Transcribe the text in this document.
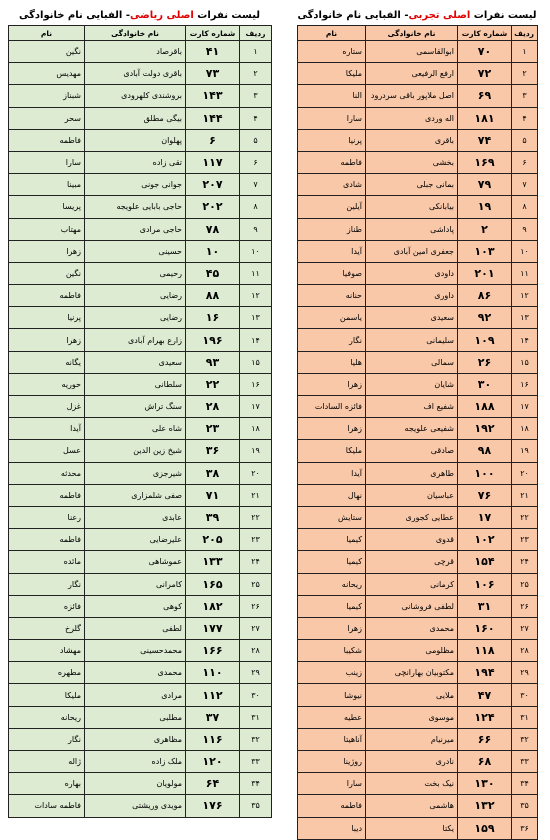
لیست نفرات اصلی ریاضی- الفبایی نام خانوادگی
ردیف	شماره کارت	نام خانوادگی	نام
۱	۴۱	باقرصاد	نگین
۲	۷۳	باقری دولت آبادی	مهدیس
۳	۱۴۳	بروشندی کلهرودی	شبناز
۴	۱۴۴	بیگی مطلق	سحر
۵	۶	پهلوان	فاطمه
۶	۱۱۷	تقی زاده	سارا
۷	۲۰۷	جوانی جونی	مبینا
۸	۲۰۲	حاجی بابایی علویجه	پریسا
۹	۷۸	حاجی مرادی	مهتاب
۱۰	۱۰	حسینی	زهرا
۱۱	۴۵	رحیمی	نگین
۱۲	۸۸	رضایی	فاطمه
۱۳	۱۶	رضایی	پرنیا
۱۴	۱۹۶	زارع بهرام آبادی	زهرا
۱۵	۹۳	سعیدی	یگانه
۱۶	۲۲	سلطانی	حوریه
۱۷	۲۸	سنگ تراش	غزل
۱۸	۲۳	شاه علی	آیدا
۱۹	۳۶	شیخ زین الدین	عسل
۲۰	۳۸	شیرجزی	محدثه
۲۱	۷۱	صفی شلمزاری	فاطمه
۲۲	۳۹	عابدی	رعنا
۲۳	۲۰۵	علیرضایی	فاطمه
۲۴	۱۳۳	عموشاهی	مائده
۲۵	۱۶۵	کامرانی	نگار
۲۶	۱۸۲	کوهی	فائزه
۲۷	۱۷۷	لطفی	گلرخ
۲۸	۱۶۶	محمدحسینی	مهشاد
۲۹	۱۱۰	محمدی	مطهره
۳۰	۱۱۲	مرادی	ملیکا
۳۱	۳۷	مطلبی	ریحانه
۳۲	۱۱۶	مظاهری	نگار
۳۳	۱۲۰	ملک زاده	ژاله
۳۴	۶۴	مولویان	بهاره
۳۵	۱۷۶	مویدی وریشتی	فاطمه سادات
لیست نفرات اصلی تجربی- الفبایی نام خانوادگی
ردیف	شماره کارت	نام خانوادگی	نام
۱	۷۰	ابوالقاسمی	ستاره
۲	۷۲	ارفع الرفیعی	ملیکا
۳	۶۹	اصل ملاپور باقی سردرود	النا
۴	۱۸۱	اله وردی	سارا
۵	۷۴	باقری	پرنیا
۶	۱۶۹	بخشی	فاطمه
۷	۷۹	بمانی جبلی	شادی
۸	۱۹	بیابانکی	آیلین
۹	۲	پاداشی	طناز
۱۰	۱۰۳	جعفری امین آبادی	آیدا
۱۱	۲۰۱	داودی	صوفیا
۱۲	۸۶	داوری	حنانه
۱۳	۹۲	سعیدی	یاسمن
۱۴	۱۰۹	سلیمانی	نگار
۱۵	۲۶	سمالی	هلیا
۱۶	۳۰	شایان	زهرا
۱۷	۱۸۸	شفیع اف	فائزه السادات
۱۸	۱۹۲	شفیعی علویجه	زهرا
۱۹	۹۸	صادقی	ملیکا
۲۰	۱۰۰	طاهری	آیدا
۲۱	۷۶	عباسیان	نهال
۲۲	۱۷	عطایی کجوری	ستایش
۲۳	۱۰۲	قدوی	کیمیا
۲۴	۱۵۴	قرچی	کیمیا
۲۵	۱۰۶	کرمانی	ریحانه
۲۶	۳۱	لطفی فروشانی	کیمیا
۲۷	۱۶۰	محمدی	زهرا
۲۸	۱۱۸	مظلومی	شکیبا
۲۹	۱۹۴	مکتوبیان بهارانچی	زینب
۳۰	۴۷	ملایی	نیوشا
۳۱	۱۲۴	موسوی	عطیه
۳۲	۶۶	میرنیام	آناهیتا
۳۳	۶۸	نادری	روژینا
۳۴	۱۳۰	نیک بخت	سارا
۳۵	۱۳۲	هاشمی	فاطمه
۳۶	۱۵۹	یکتا	دیبا
